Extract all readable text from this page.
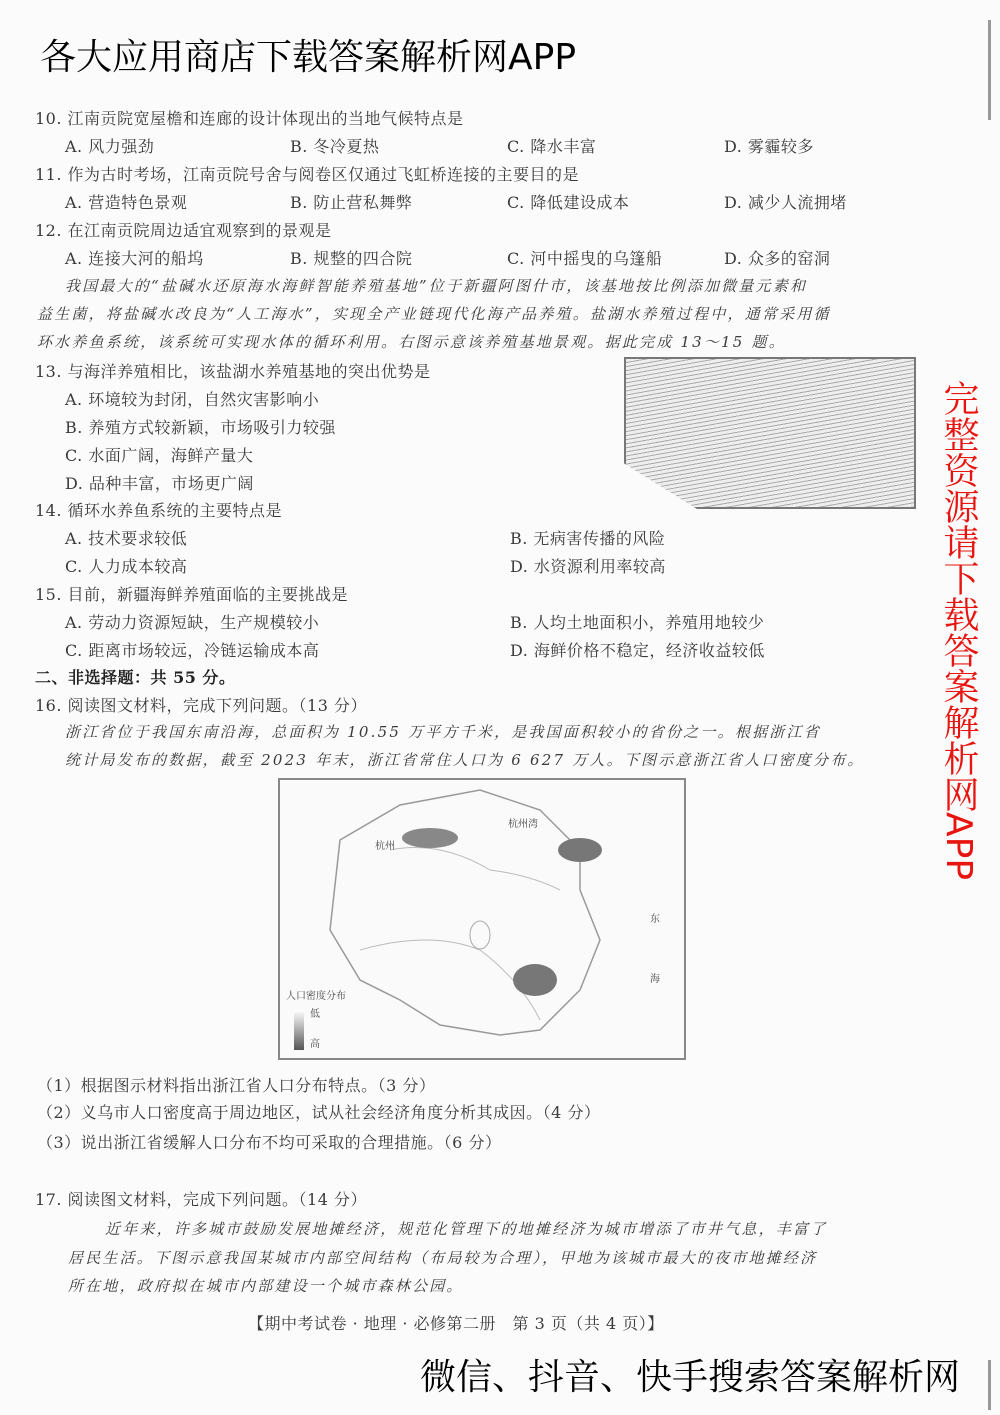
10. 江南贡院宽屋檐和连廊的设计体现出的当地气候特点是
A. 风力强劲	B. 冬冷夏热	C. 降水丰富	D. 雾霾较多
11. 作为古时考场，江南贡院号舍与阅卷区仅通过飞虹桥连接的主要目的是
A. 营造特色景观	B. 防止营私舞弊	C. 降低建设成本	D. 减少人流拥堵
12. 在江南贡院周边适宜观察到的景观是
A. 连接大河的船坞	B. 规整的四合院	C. 河中摇曳的乌篷船	D. 众多的窑洞
我国最大的“盐碱水还原海水海鲜智能养殖基地”位于新疆阿图什市，该基地按比例添加微量元素和
益生菌，将盐碱水改良为“人工海水”，实现全产业链现代化海产品养殖。盐湖水养殖过程中，通常采用循
环水养鱼系统，该系统可实现水体的循环利用。右图示意该养殖基地景观。据此完成 13～15 题。
13. 与海洋养殖相比，该盐湖水养殖基地的突出优势是
A. 环境较为封闭，自然灾害影响小
B. 养殖方式较新颖，市场吸引力较强
C. 水面广阔，海鲜产量大
D. 品种丰富，市场更广阔
14. 循环水养鱼系统的主要特点是
A. 技术要求较低	B. 无病害传播的风险
C. 人力成本较高	D. 水资源利用率较高
15. 目前，新疆海鲜养殖面临的主要挑战是
A. 劳动力资源短缺，生产规模较小	B. 人均土地面积小，养殖用地较少
C. 距离市场较远，冷链运输成本高	D. 海鲜价格不稳定，经济收益较低
二、非选择题：共 55 分。
16. 阅读图文材料，完成下列问题。（13 分）
浙江省位于我国东南沿海，总面积为 10.55 万平方千米，是我国面积较小的省份之一。根据浙江省
统计局发布的数据，截至 2023 年末，浙江省常住人口为 6 627 万人。下图示意浙江省人口密度分布。
杭州湾
杭州
东
海
人口密度分布
低
高
（1）根据图示材料指出浙江省人口分布特点。（3 分）
（2）义乌市人口密度高于周边地区，试从社会经济角度分析其成因。（4 分）
（3）说出浙江省缓解人口分布不均可采取的合理措施。（6 分）
17. 阅读图文材料，完成下列问题。（14 分）
近年来，许多城市鼓励发展地摊经济，规范化管理下的地摊经济为城市增添了市井气息，丰富了
居民生活。下图示意我国某城市内部空间结构（布局较为合理），甲地为该城市最大的夜市地摊经济
所在地，政府拟在城市内部建设一个城市森林公园。
【期中考试卷 · 地理 · 必修第二册　第 3 页（共 4 页）】
各大应用商店下载答案解析网APP
完整资源请下载答案解析网APP
微信、抖音、快手搜索答案解析网
